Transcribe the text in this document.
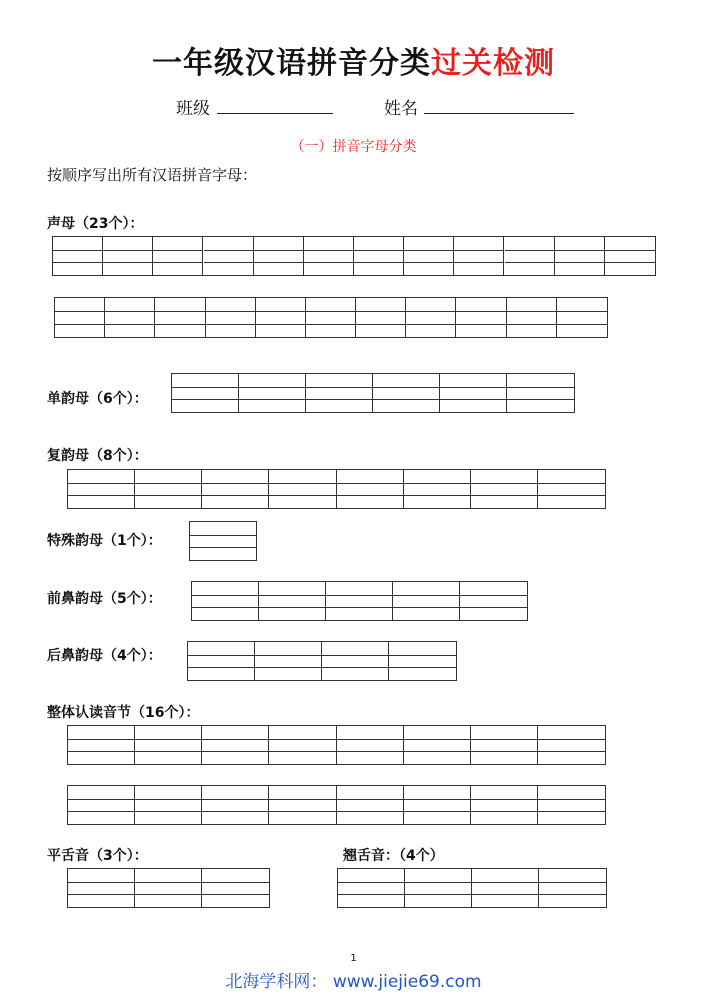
一年级汉语拼音分类过关检测
班级	姓名
（一）拼音字母分类
按顺序写出所有汉语拼音字母：
声母（23个）：
单韵母（6个）：
复韵母（8个）：
特殊韵母（1个）：
前鼻韵母（5个）：
后鼻韵母（4个）：
整体认读音节（16个）：
平舌音（3个）：	翘舌音：（4个）
1
北海学科网： www.jiejie69.com
